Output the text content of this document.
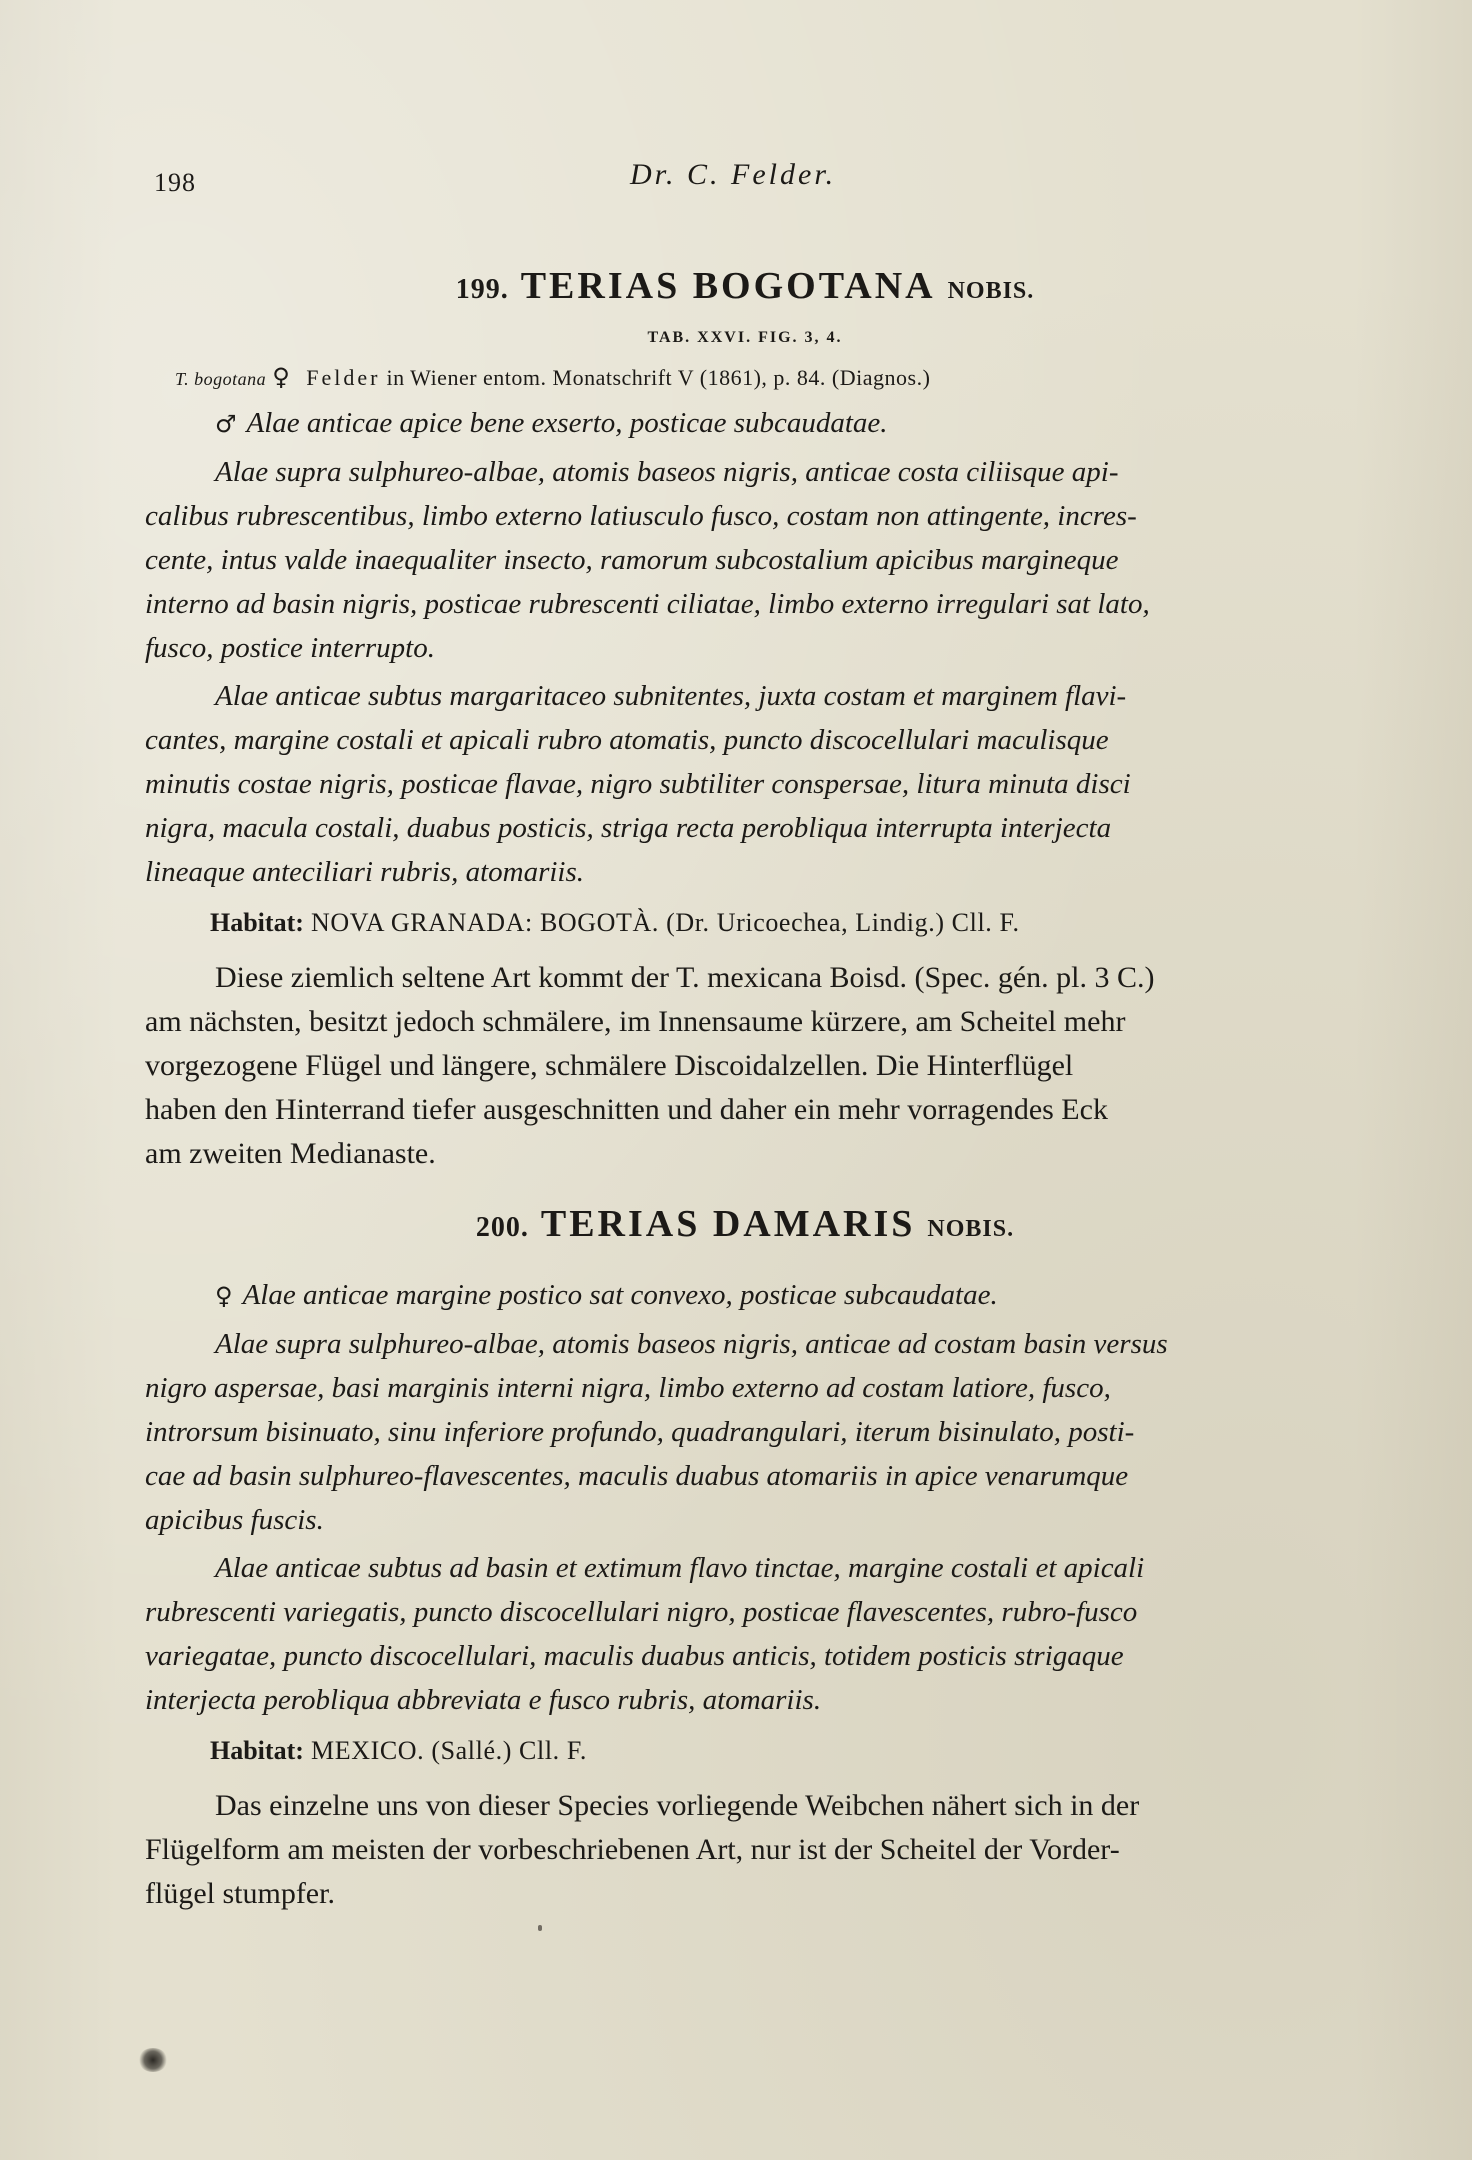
198	Dr. C. Felder.
199. TERIAS BOGOTANA NOBIS.
TAB. XXVI. FIG. 3, 4.
T. bogotana ♀ Felder in Wiener entom. Monatschrift V (1861), p. 84. (Diagnos.)
♂ Alae anticae apice bene exserto, posticae subcaudatae.
Alae supra sulphureo-albae, atomis baseos nigris, anticae costa ciliisque api-
calibus rubrescentibus, limbo externo latiusculo fusco, costam non attingente, incres-
cente, intus valde inaequaliter insecto, ramorum subcostalium apicibus margineque
interno ad basin nigris, posticae rubrescenti ciliatae, limbo externo irregulari sat lato,
fusco, postice interrupto.
Alae anticae subtus margaritaceo subnitentes, juxta costam et marginem flavi-
cantes, margine costali et apicali rubro atomatis, puncto discocellulari maculisque
minutis costae nigris, posticae flavae, nigro subtiliter conspersae, litura minuta disci
nigra, macula costali, duabus posticis, striga recta perobliqua interrupta interjecta
lineaque anteciliari rubris, atomariis.
Habitat: NOVA GRANADA: BOGOTÀ. (Dr. Uricoechea, Lindig.) Cll. F.
Diese ziemlich seltene Art kommt der T. mexicana Boisd. (Spec. gén. pl. 3 C.)
am nächsten, besitzt jedoch schmälere, im Innensaume kürzere, am Scheitel mehr
vorgezogene Flügel und längere, schmälere Discoidalzellen. Die Hinterflügel
haben den Hinterrand tiefer ausgeschnitten und daher ein mehr vorragendes Eck
am zweiten Medianaste.
200. TERIAS DAMARIS NOBIS.
♀ Alae anticae margine postico sat convexo, posticae subcaudatae.
Alae supra sulphureo-albae, atomis baseos nigris, anticae ad costam basin versus
nigro aspersae, basi marginis interni nigra, limbo externo ad costam latiore, fusco,
introrsum bisinuato, sinu inferiore profundo, quadrangulari, iterum bisinulato, posti-
cae ad basin sulphureo-flavescentes, maculis duabus atomariis in apice venarumque
apicibus fuscis.
Alae anticae subtus ad basin et extimum flavo tinctae, margine costali et apicali
rubrescenti variegatis, puncto discocellulari nigro, posticae flavescentes, rubro-fusco
variegatae, puncto discocellulari, maculis duabus anticis, totidem posticis strigaque
interjecta perobliqua abbreviata e fusco rubris, atomariis.
Habitat: MEXICO. (Sallé.) Cll. F.
Das einzelne uns von dieser Species vorliegende Weibchen nähert sich in der
Flügelform am meisten der vorbeschriebenen Art, nur ist der Scheitel der Vorder-
flügel stumpfer.
